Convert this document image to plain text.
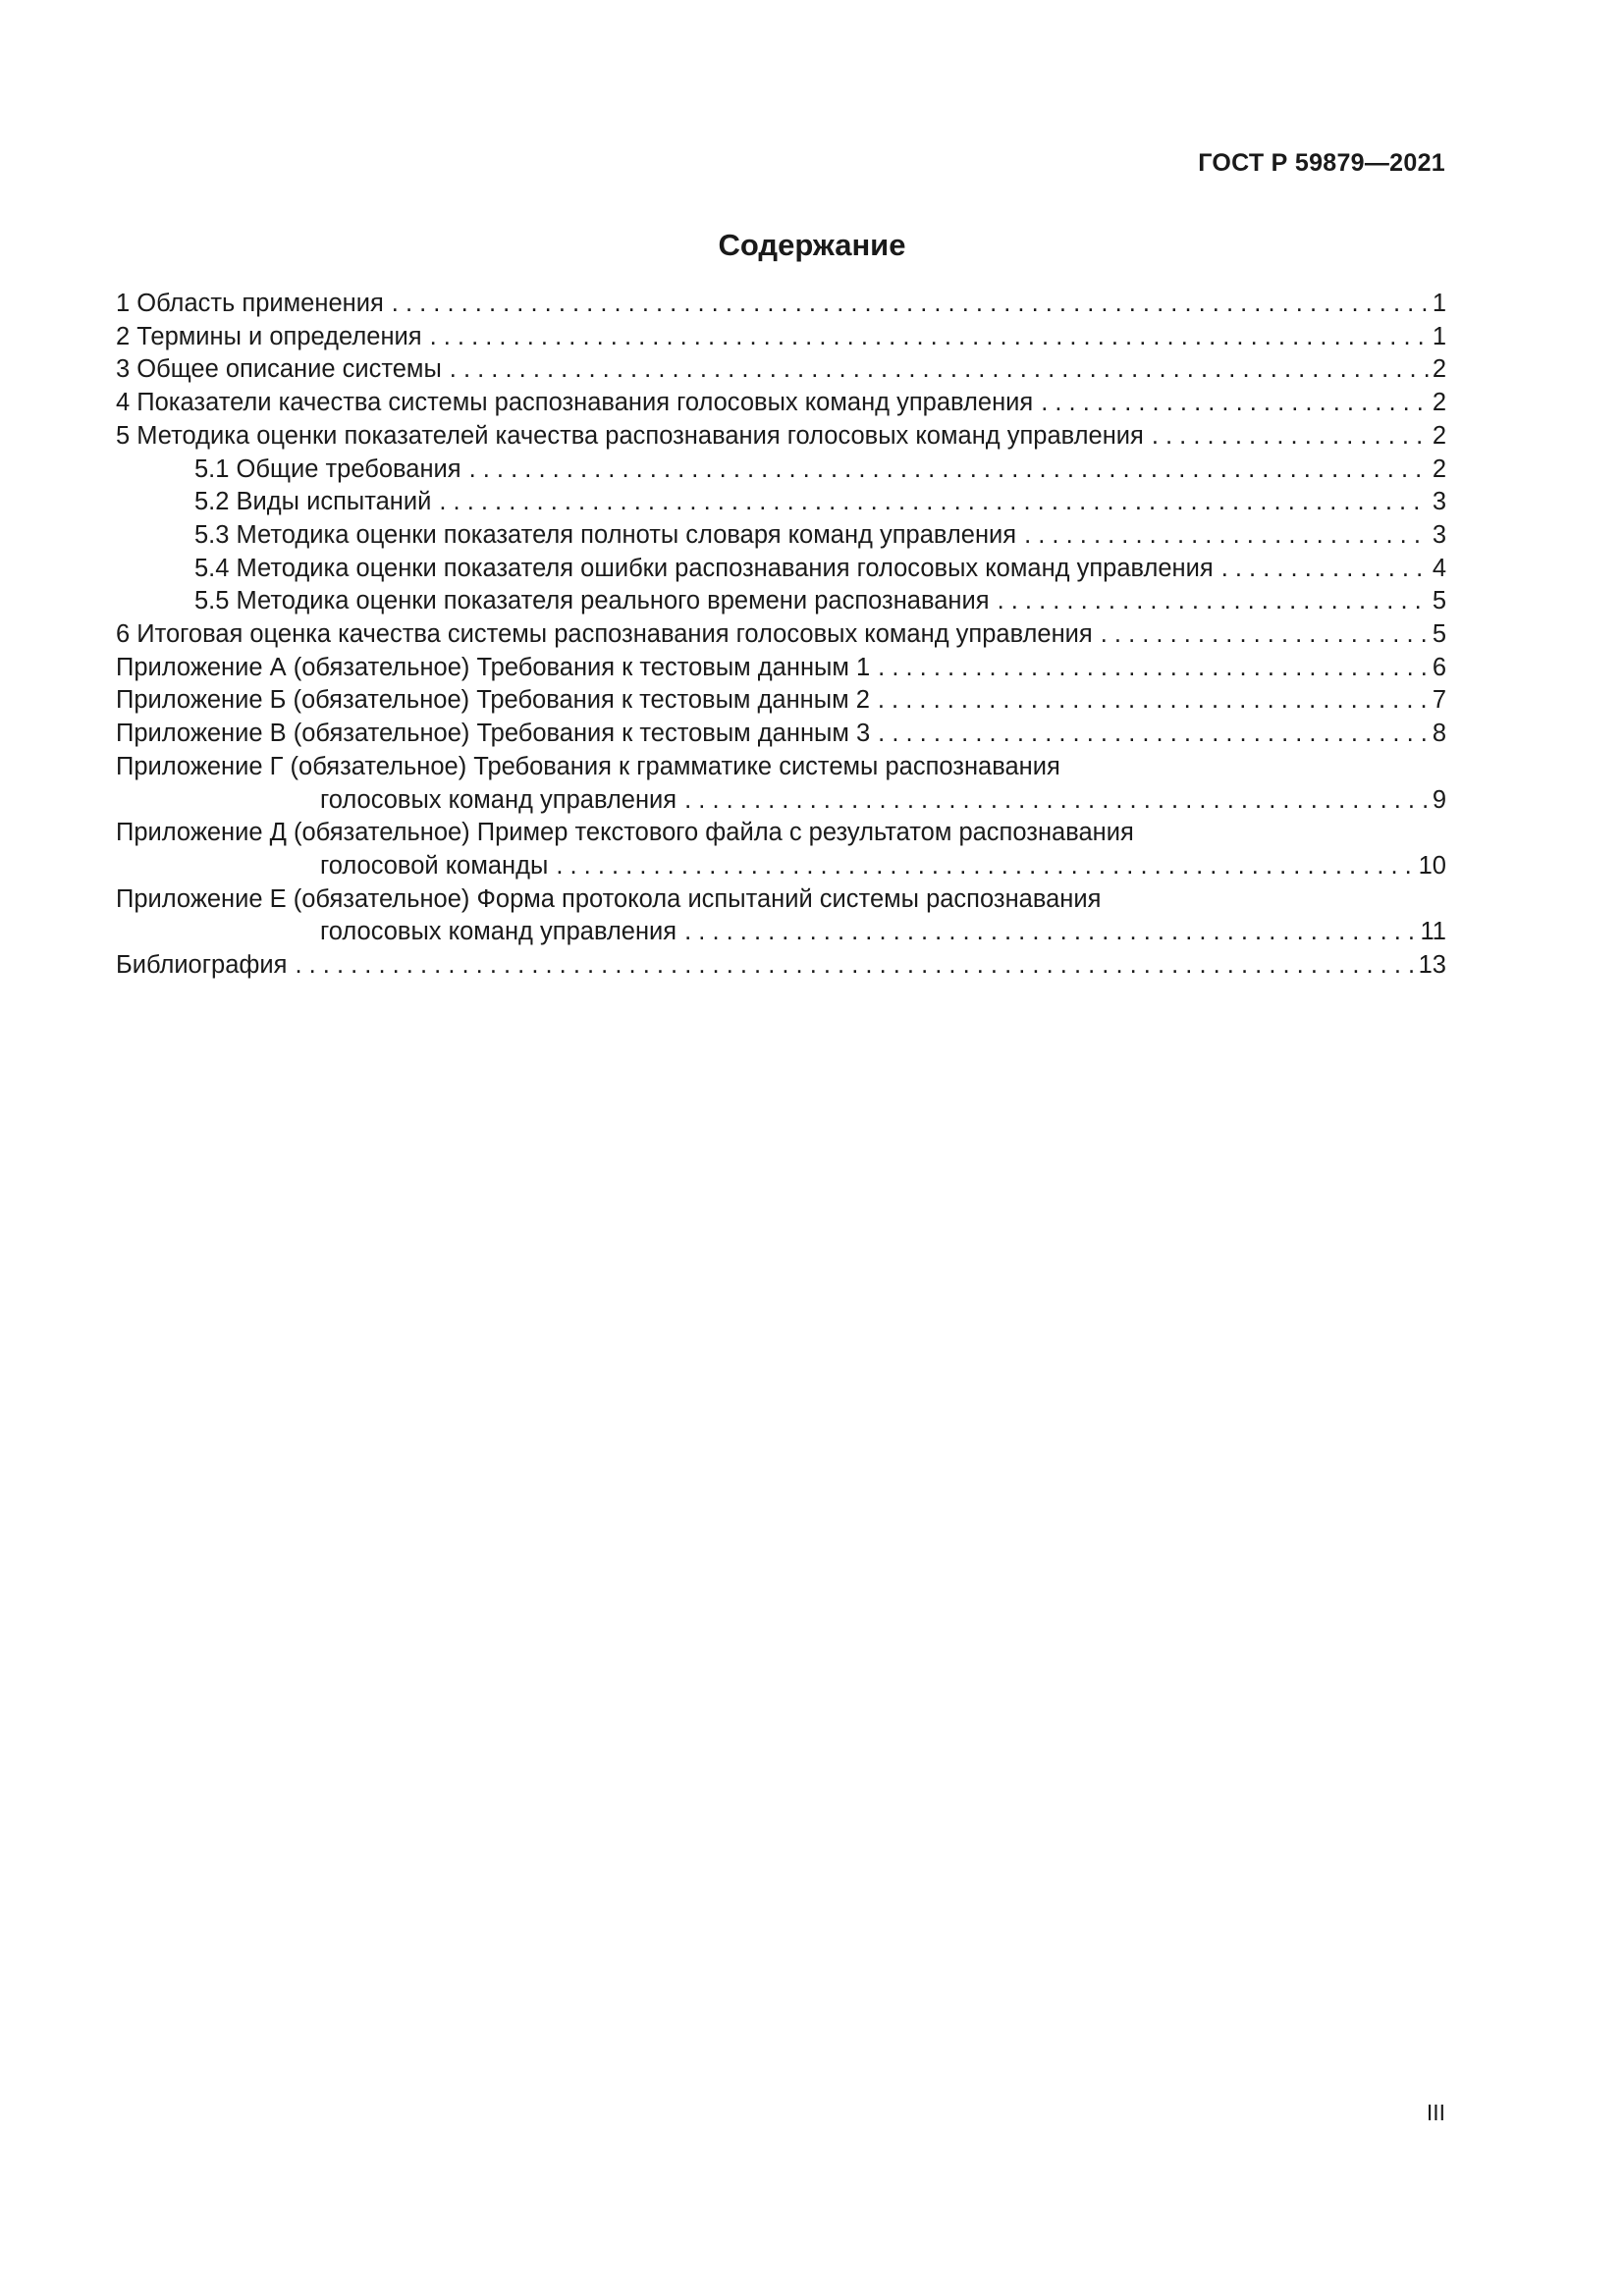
ГОСТ Р 59879—2021
Содержание
1 Область применения . . .	1
2 Термины и определения . . .	1
3 Общее описание системы . . .	2
4 Показатели качества системы распознавания голосовых команд управления . . .	2
5 Методика оценки показателей качества распознавания голосовых команд управления . . .	2
5.1 Общие требования . . .	2
5.2 Виды испытаний . . .	3
5.3 Методика оценки показателя полноты словаря команд управления . . .	3
5.4 Методика оценки показателя ошибки распознавания голосовых команд управления . . .	4
5.5 Методика оценки показателя реального времени распознавания . . .	5
6 Итоговая оценка качества системы распознавания голосовых команд управления . . .	5
Приложение А (обязательное) Требования к тестовым данным 1 . . .	6
Приложение Б (обязательное) Требования к тестовым данным 2 . . .	7
Приложение В (обязательное) Требования к тестовым данным 3 . . .	8
Приложение Г (обязательное) Требования к грамматике системы распознавания
голосовых команд управления . . .	9
Приложение Д (обязательное) Пример текстового файла с результатом распознавания
голосовой команды . . .	10
Приложение Е (обязательное) Форма протокола испытаний системы распознавания
голосовых команд управления . . .	11
Библиография . . .	13
III
